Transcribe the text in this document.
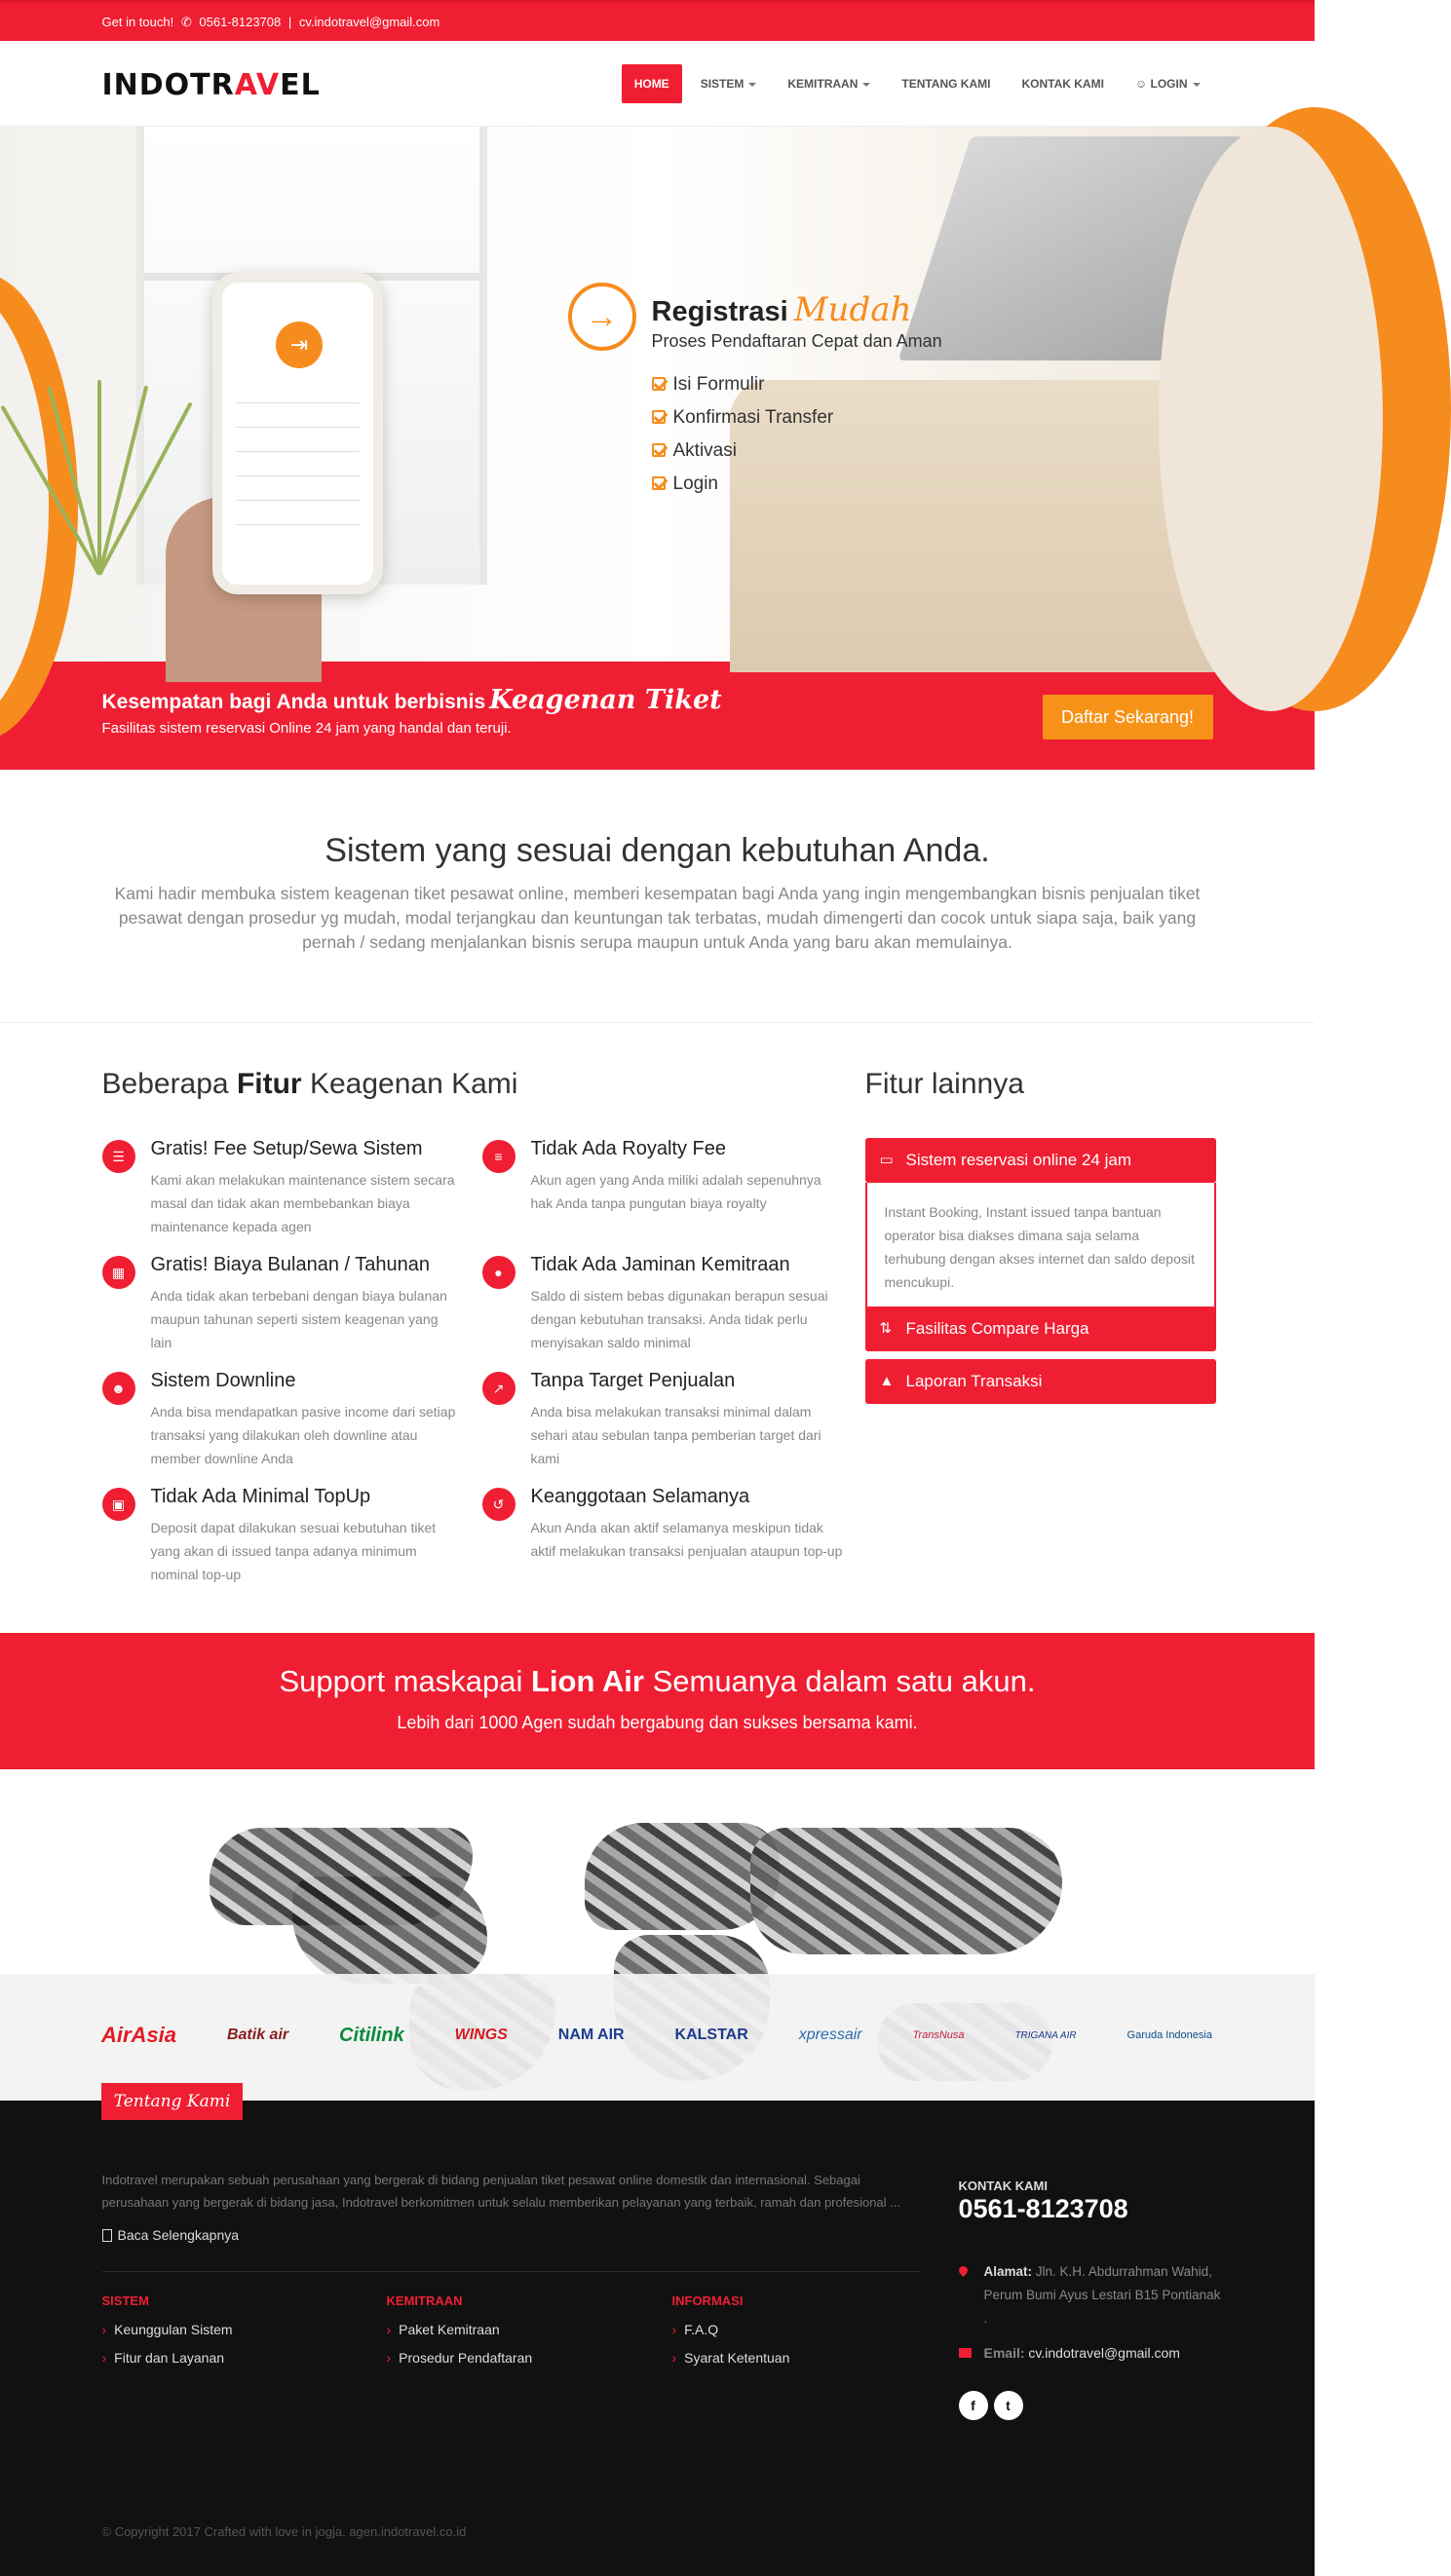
Get in touch! ✆ 0561-8123708 | cv.indotravel@gmail.com
INDOTRAVEL	HOME	SISTEM	KEMITRAAN	TENTANG KAMI	KONTAK KAMI	☺ LOGIN
⇥
→	Registrasi Mudah
Proses Pendaftaran Cepat dan Aman
Isi Formulir
Konfirmasi Transfer
Aktivasi
Login
Kesempatan bagi Anda untuk berbisnis Keagenan Tiket
Fasilitas sistem reservasi Online 24 jam yang handal dan teruji.
Daftar Sekarang!
Sistem yang sesuai dengan kebutuhan Anda.

Kami hadir membuka sistem keagenan tiket pesawat online, memberi kesempatan bagi Anda yang ingin mengembangkan bisnis penjualan tiket pesawat dengan prosedur yg mudah, modal terjangkau dan keuntungan tak terbatas, mudah dimengerti dan cocok untuk siapa saja, baik yang pernah / sedang menjalankan bisnis serupa maupun untuk Anda yang baru akan memulainya.

Beberapa Fitur Keagenan Kami
☰	Gratis! Fee Setup/Sewa Sistem
Kami akan melakukan maintenance sistem secara masal dan tidak akan membebankan biaya maintenance kepada agen
≡	Tidak Ada Royalty Fee
Akun agen yang Anda miliki adalah sepenuhnya hak Anda tanpa pungutan biaya royalty
▦	Gratis! Biaya Bulanan / Tahunan
Anda tidak akan terbebani dengan biaya bulanan maupun tahunan seperti sistem keagenan yang lain
●	Tidak Ada Jaminan Kemitraan
Saldo di sistem bebas digunakan berapun sesuai dengan kebutuhan transaksi. Anda tidak perlu menyisakan saldo minimal
☻	Sistem Downline
Anda bisa mendapatkan pasive income dari setiap transaksi yang dilakukan oleh downline atau member downline Anda
↗	Tanpa Target Penjualan
Anda bisa melakukan transaksi minimal dalam sehari atau sebulan tanpa pemberian target dari kami
▣	Tidak Ada Minimal TopUp
Deposit dapat dilakukan sesuai kebutuhan tiket yang akan di issued tanpa adanya minimum nominal top-up
↺	Keanggotaan Selamanya
Akun Anda akan aktif selamanya meskipun tidak aktif melakukan transaksi penjualan ataupun top-up
Fitur lainnya
▭ Sistem reservasi online 24 jam
Instant Booking, Instant issued tanpa bantuan operator bisa diakses dimana saja selama terhubung dengan akses internet dan saldo deposit mencukupi.
⇅ Fasilitas Compare Harga
▲ Laporan Transaksi
Support maskapai Lion Air Semuanya dalam satu akun.

Lebih dari 1000 Agen sudah bergabung dan sukses bersama kami.

AirAsia	Batik air	Citilink	WINGS	NAM AIR	KALSTAR	xpressair	TransNusa	TRIGANA AIR	Garuda Indonesia
Tentang Kami
Indotravel merupakan sebuah perusahaan yang bergerak di bidang penjualan tiket pesawat online domestik dan internasional. Sebagai perusahaan yang bergerak di bidang jasa, Indotravel berkomitmen untuk selalu memberikan pelayanan yang terbaik, ramah dan profesional ...
Baca Selengkapnya
SISTEM
› Keunggulan Sistem
› Fitur dan Layanan
KEMITRAAN
› Paket Kemitraan
› Prosedur Pendaftaran
INFORMASI
› F.A.Q
› Syarat Ketentuan
KONTAK KAMI
0561-8123708
Alamat: Jln. K.H. Abdurrahman Wahid, Perum Bumi Ayus Lestari B15 Pontianak .
Email: cv.indotravel@gmail.com
f	t
© Copyright 2017 Crafted with love in jogja. agen.indotravel.co.id
